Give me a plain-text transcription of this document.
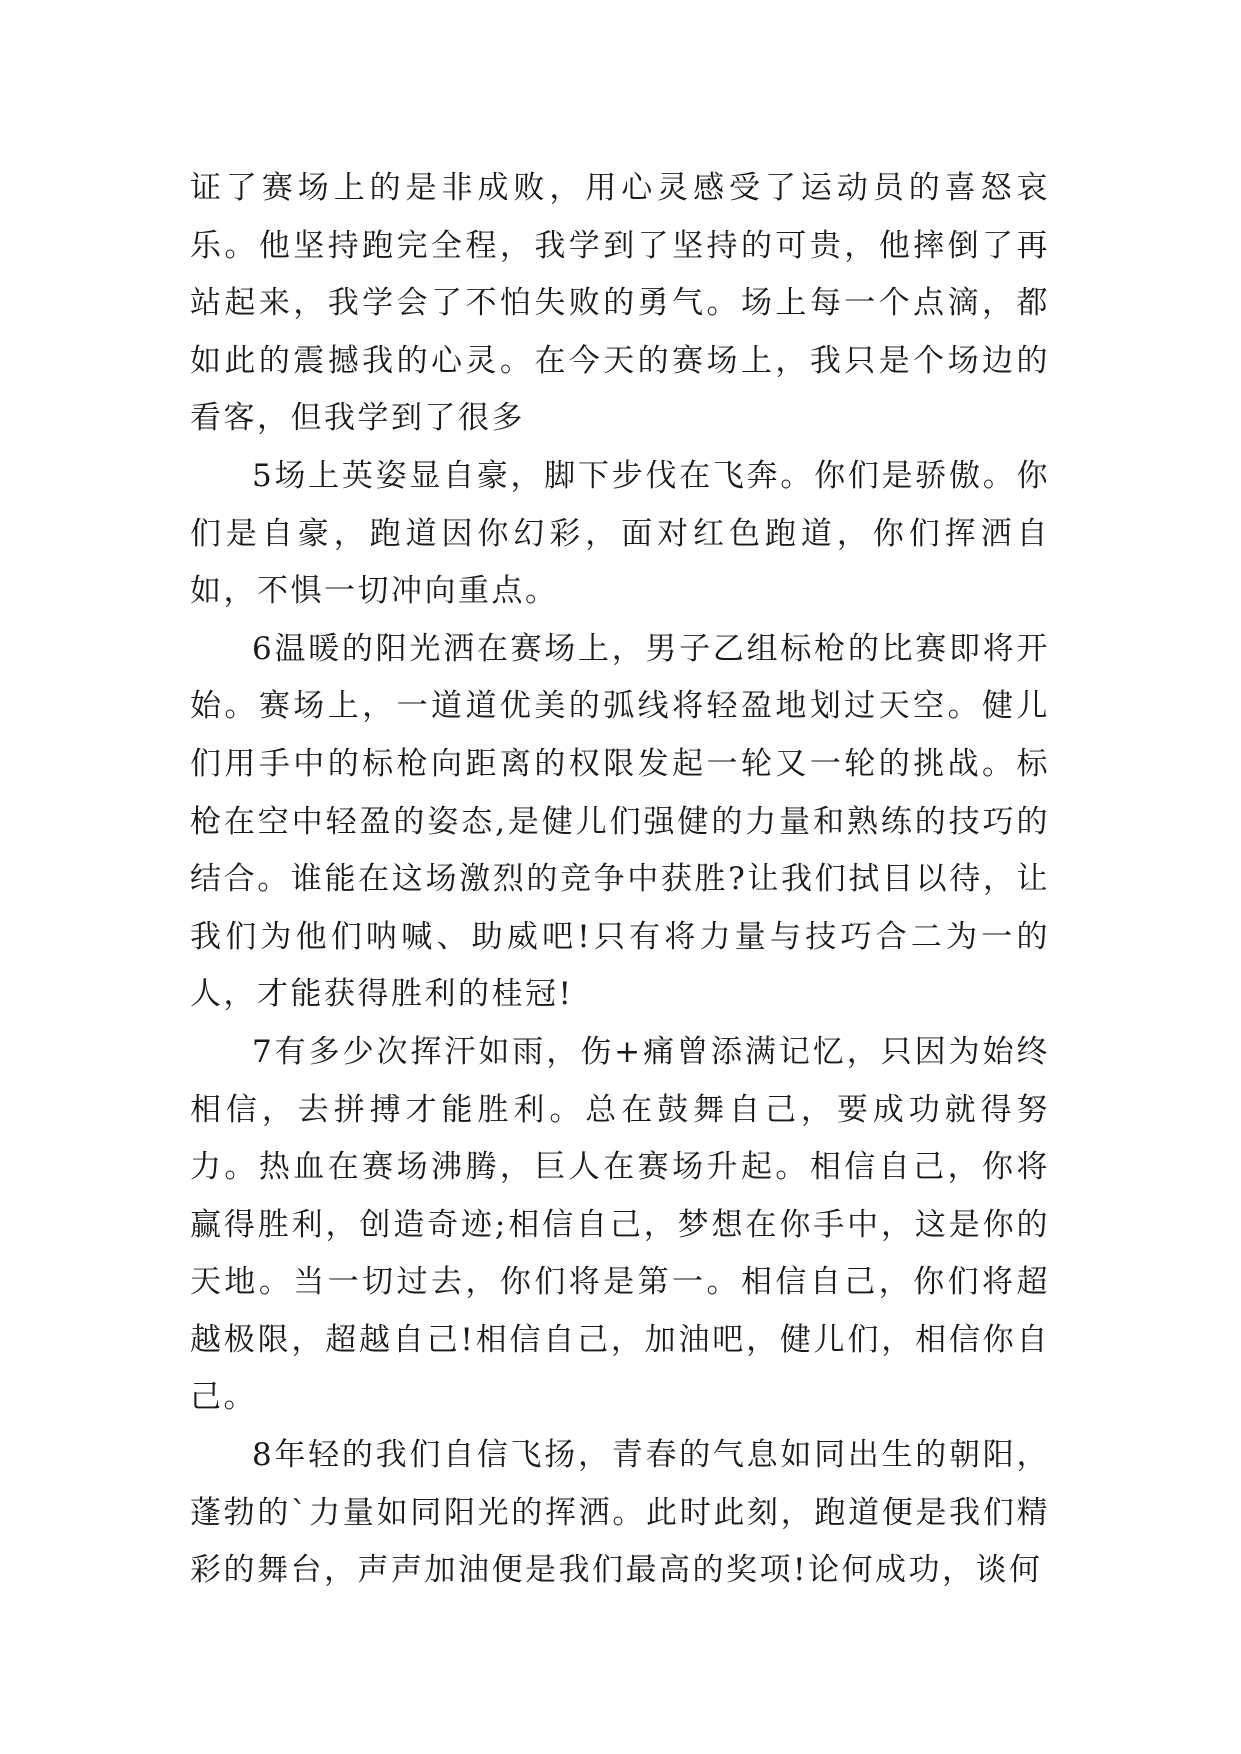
证了赛场上的是非成败，用心灵感受了运动员的喜怒哀乐。他坚持跑完全程，我学到了坚持的可贵，他摔倒了再站起来，我学会了不怕失败的勇气。场上每一个点滴，都如此的震撼我的心灵。在今天的赛场上，我只是个场边的看客，但我学到了很多

5场上英姿显自豪，脚下步伐在飞奔。你们是骄傲。你们是自豪，跑道因你幻彩，面对红色跑道，你们挥洒自如，不惧一切冲向重点。

6温暖的阳光洒在赛场上，男子乙组标枪的比赛即将开始。赛场上，一道道优美的弧线将轻盈地划过天空。健儿们用手中的标枪向距离的权限发起一轮又一轮的挑战。标枪在空中轻盈的姿态,是健儿们强健的力量和熟练的技巧的结合。谁能在这场激烈的竞争中获胜?让我们拭目以待，让我们为他们呐喊、助威吧!只有将力量与技巧合二为一的人，才能获得胜利的桂冠!

7有多少次挥汗如雨，伤+痛曾添满记忆，只因为始终相信，去拼搏才能胜利。总在鼓舞自己，要成功就得努力。热血在赛场沸腾，巨人在赛场升起。相信自己，你将赢得胜利，创造奇迹;相信自己，梦想在你手中，这是你的天地。当一切过去，你们将是第一。相信自己，你们将超越极限，超越自己!相信自己，加油吧，健儿们，相信你自己。

8年轻的我们自信飞扬，青春的气息如同出生的朝阳，蓬勃的`力量如同阳光的挥洒。此时此刻，跑道便是我们精彩的舞台，声声加油便是我们最高的奖项!论何成功，谈何
